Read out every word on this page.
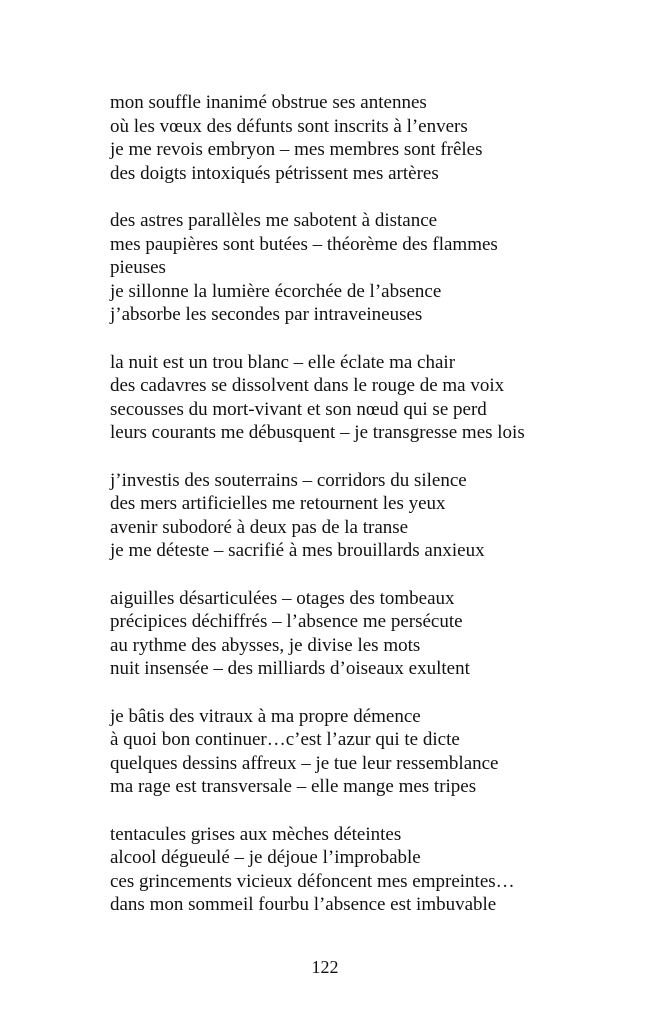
mon souffle inanimé obstrue ses antennes
où les vœux des défunts sont inscrits à l’envers
je me revois embryon – mes membres sont frêles
des doigts intoxiqués pétrissent mes artères
des astres parallèles me sabotent à distance
mes paupières sont butées – théorème des flammes
pieuses
je sillonne la lumière écorchée de l’absence
j’absorbe les secondes par intraveineuses
la nuit est un trou blanc – elle éclate ma chair
des cadavres se dissolvent dans le rouge de ma voix
secousses du mort-vivant et son nœud qui se perd
leurs courants me débusquent – je transgresse mes lois
j’investis des souterrains – corridors du silence
des mers artificielles me retournent les yeux
avenir subodoré à deux pas de la transe
je me déteste – sacrifié à mes brouillards anxieux
aiguilles désarticulées – otages des tombeaux
précipices déchiffrés – l’absence me persécute
au rythme des abysses, je divise les mots
nuit insensée – des milliards d’oiseaux exultent
je bâtis des vitraux à ma propre démence
à quoi bon continuer…c’est l’azur qui te dicte
quelques dessins affreux – je tue leur ressemblance
ma rage est transversale – elle mange mes tripes
tentacules grises aux mèches déteintes
alcool dégueulé – je déjoue l’improbable
ces grincements vicieux défoncent mes empreintes…
dans mon sommeil fourbu l’absence est imbuvable
122
